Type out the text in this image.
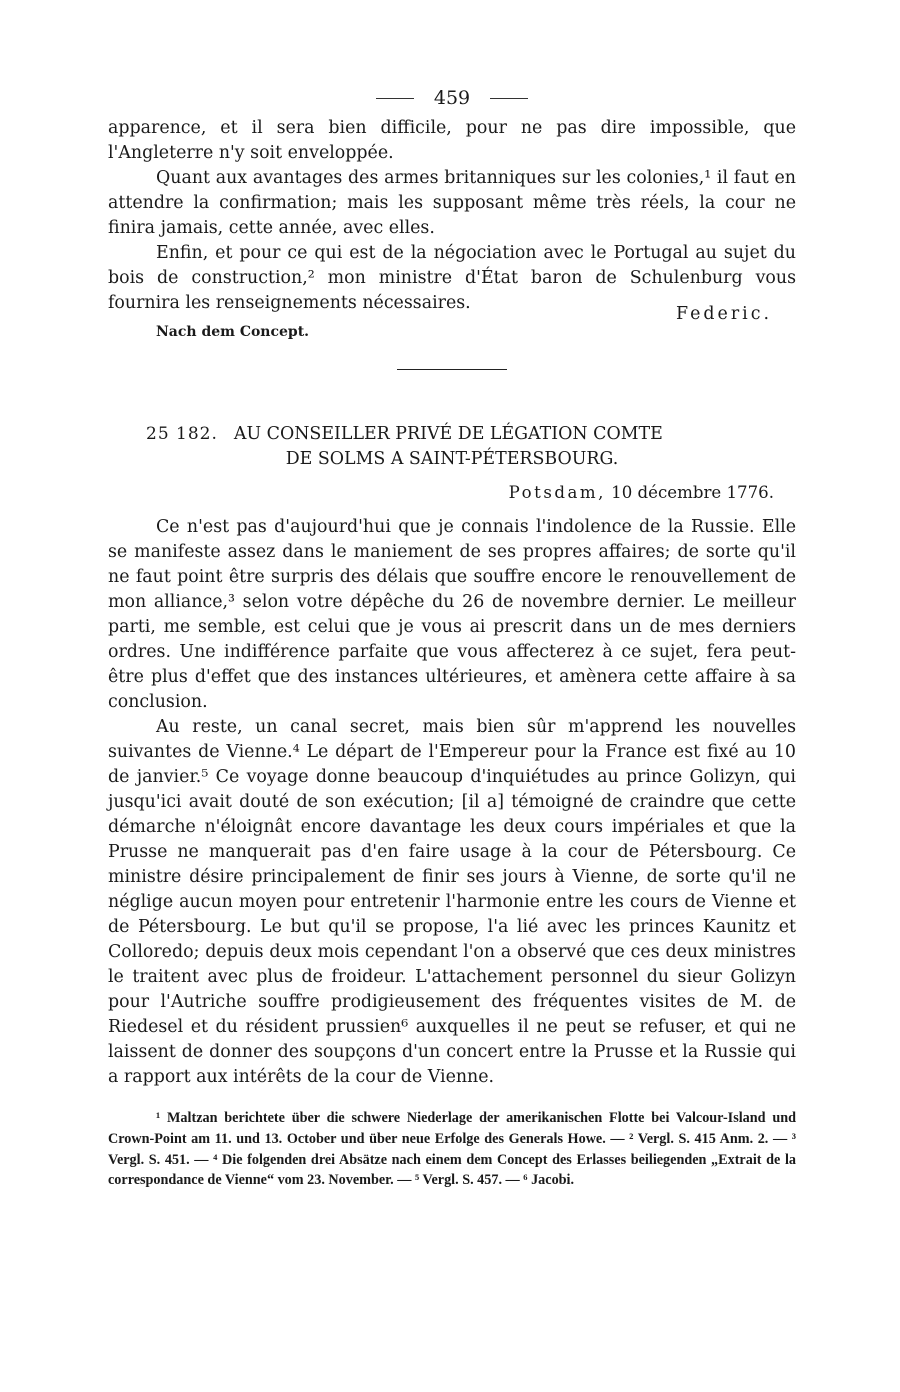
459

apparence, et il sera bien difficile, pour ne pas dire impossible, que l'Angleterre n'y soit enveloppée.

Quant aux avantages des armes britanniques sur les colonies,¹ il faut en attendre la confirmation; mais les supposant même très réels, la cour ne finira jamais, cette année, avec elles.

Enfin, et pour ce qui est de la négociation avec le Portugal au sujet du bois de construction,² mon ministre d'État baron de Schulenburg vous fournira les renseignements nécessaires.

Federic.
Nach dem Concept.
25 182. AU CONSEILLER PRIVÉ DE LÉGATION COMTE
DE SOLMS A SAINT-PÉTERSBOURG.
Potsdam, 10 décembre 1776.

Ce n'est pas d'aujourd'hui que je connais l'indolence de la Russie. Elle se manifeste assez dans le maniement de ses propres affaires; de sorte qu'il ne faut point être surpris des délais que souffre encore le renouvellement de mon alliance,³ selon votre dépêche du 26 de novembre dernier. Le meilleur parti, me semble, est celui que je vous ai prescrit dans un de mes derniers ordres. Une indifférence parfaite que vous affecterez à ce sujet, fera peut-être plus d'effet que des instances ultérieures, et amènera cette affaire à sa conclusion.

Au reste, un canal secret, mais bien sûr m'apprend les nouvelles suivantes de Vienne.⁴ Le départ de l'Empereur pour la France est fixé au 10 de janvier.⁵ Ce voyage donne beaucoup d'inquiétudes au prince Golizyn, qui jusqu'ici avait douté de son exécution; [il a] témoigné de craindre que cette démarche n'éloignât encore davantage les deux cours impériales et que la Prusse ne manquerait pas d'en faire usage à la cour de Pétersbourg. Ce ministre désire principalement de finir ses jours à Vienne, de sorte qu'il ne néglige aucun moyen pour entretenir l'harmonie entre les cours de Vienne et de Pétersbourg. Le but qu'il se propose, l'a lié avec les princes Kaunitz et Colloredo; depuis deux mois cependant l'on a observé que ces deux ministres le traitent avec plus de froideur. L'attachement personnel du sieur Golizyn pour l'Autriche souffre prodigieusement des fréquentes visites de M. de Riedesel et du résident prussien⁶ auxquelles il ne peut se refuser, et qui ne laissent de donner des soupçons d'un concert entre la Prusse et la Russie qui a rapport aux intérêts de la cour de Vienne.

¹ Maltzan berichtete über die schwere Niederlage der amerikanischen Flotte bei Valcour-Island und Crown-Point am 11. und 13. October und über neue Erfolge des Generals Howe. — ² Vergl. S. 415 Anm. 2. — ³ Vergl. S. 451. — ⁴ Die folgenden drei Absätze nach einem dem Concept des Erlasses beiliegenden „Extrait de la correspondance de Vienne“ vom 23. November. — ⁵ Vergl. S. 457. — ⁶ Jacobi.
